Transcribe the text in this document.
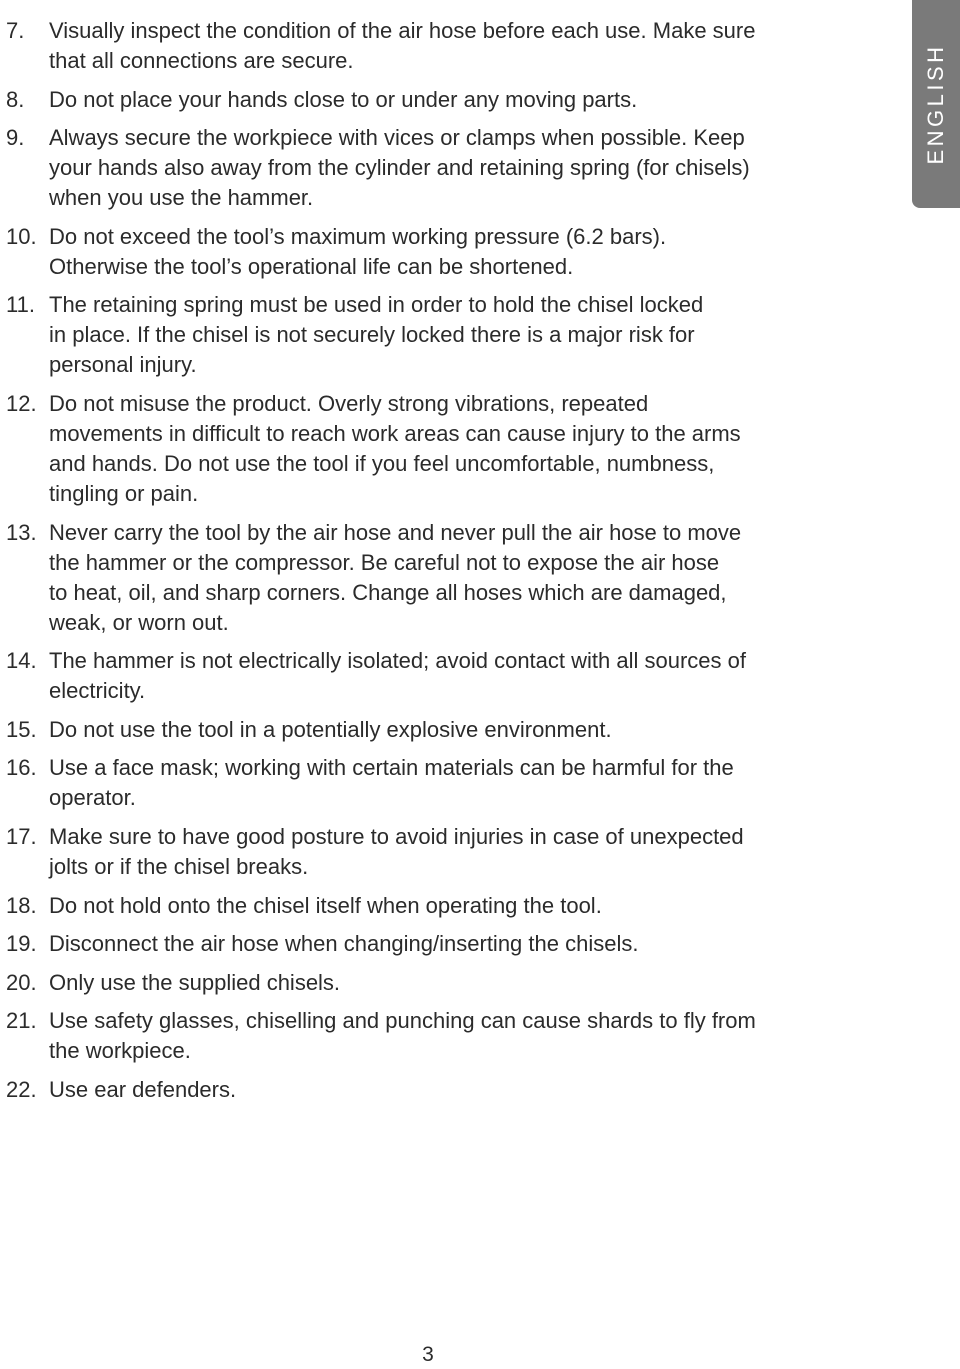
ENGLISH
7.	Visually inspect the condition of the air hose before each use. Make sure
that all connections are secure.
8.	Do not place your hands close to or under any moving parts.
9.	Always secure the workpiece with vices or clamps when possible. Keep
your hands also away from the cylinder and retaining spring (for chisels)
when you use the hammer.
10. Do not exceed the tool’s maximum working pressure (6.2 bars).
Otherwise the tool’s operational life can be shortened.
11. The retaining spring must be used in order to hold the chisel locked
in place. If the chisel is not securely locked there is a major risk for
personal injury.
12. Do not misuse the product. Overly strong vibrations, repeated
movements in difficult to reach work areas can cause injury to the arms
and hands. Do not use the tool if you feel uncomfortable, numbness,
tingling or pain.
13. Never carry the tool by the air hose and never pull the air hose to move
the hammer or the compressor. Be careful not to expose the air hose
to heat, oil, and sharp corners. Change all hoses which are damaged,
weak, or worn out.
14. The hammer is not electrically isolated; avoid contact with all sources of
electricity.
15. Do not use the tool in a potentially explosive environment.
16. Use a face mask; working with certain materials can be harmful for the
operator.
17. Make sure to have good posture to avoid injuries in case of unexpected
jolts or if the chisel breaks.
18. Do not hold onto the chisel itself when operating the tool.
19. Disconnect the air hose when changing/inserting the chisels.
20. Only use the supplied chisels.
21. Use safety glasses, chiselling and punching can cause shards to fly from
the workpiece.
22. Use ear defenders.
3
